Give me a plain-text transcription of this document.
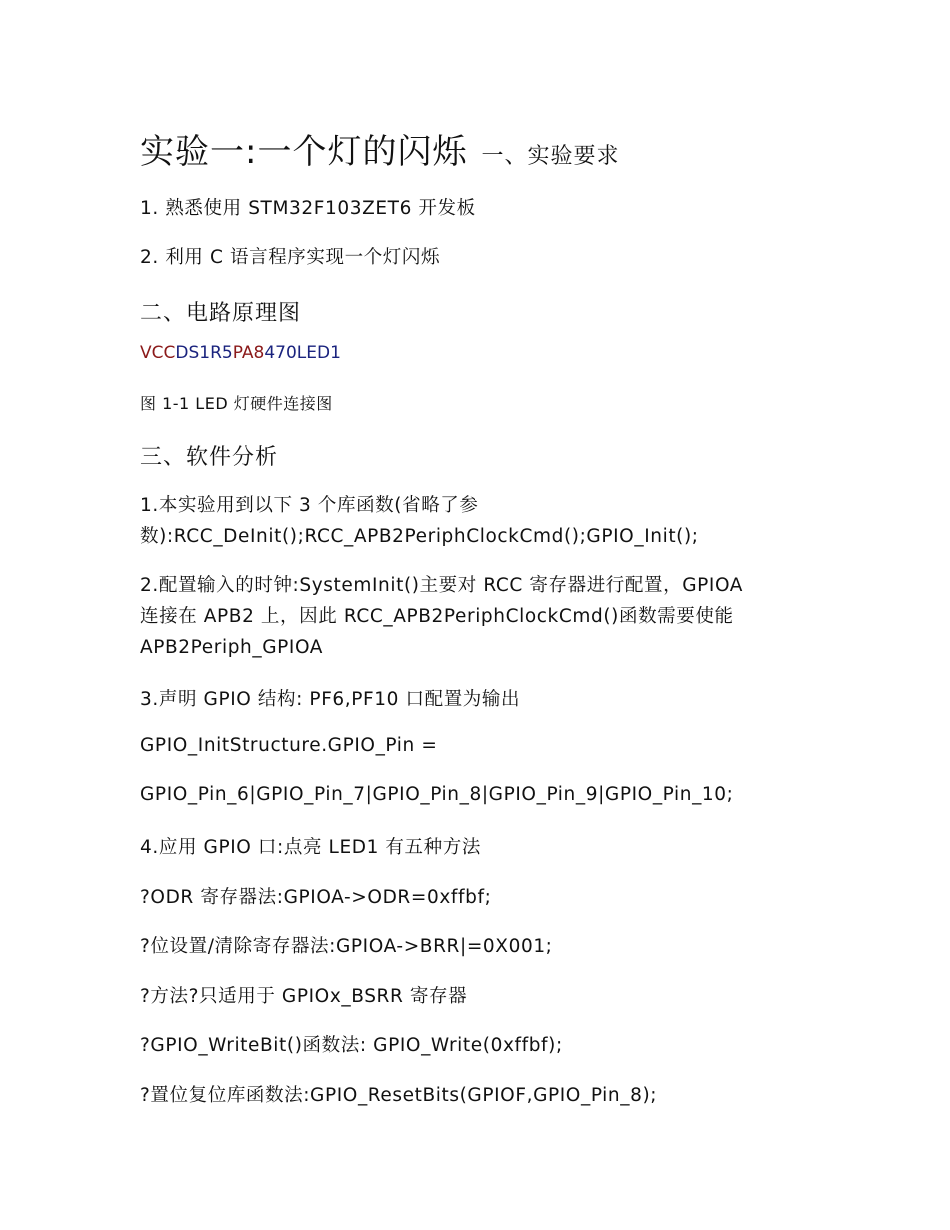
实验一:一个灯的闪烁 一、实验要求
1. 熟悉使用 STM32F103ZET6 开发板
2. 利用 C 语言程序实现一个灯闪烁
二、电路原理图
VCCDS1R5PA8470LED1
图 1-1 LED 灯硬件连接图
三、软件分析
1.本实验用到以下 3 个库函数(省略了参
数):RCC_DeInit();RCC_APB2PeriphClockCmd();GPIO_Init();
2.配置输入的时钟:SystemInit()主要对 RCC 寄存器进行配置，GPIOA
连接在 APB2 上，因此 RCC_APB2PeriphClockCmd()函数需要使能
APB2Periph_GPIOA
3.声明 GPIO 结构: PF6,PF10 口配置为输出
GPIO_InitStructure.GPIO_Pin =
GPIO_Pin_6|GPIO_Pin_7|GPIO_Pin_8|GPIO_Pin_9|GPIO_Pin_10;
4.应用 GPIO 口:点亮 LED1 有五种方法
?ODR 寄存器法:GPIOA->ODR=0xffbf;
?位设置/清除寄存器法:GPIOA->BRR|=0X001;
?方法?只适用于 GPIOx_BSRR 寄存器
?GPIO_WriteBit()函数法: GPIO_Write(0xffbf);
?置位复位库函数法:GPIO_ResetBits(GPIOF,GPIO_Pin_8);
